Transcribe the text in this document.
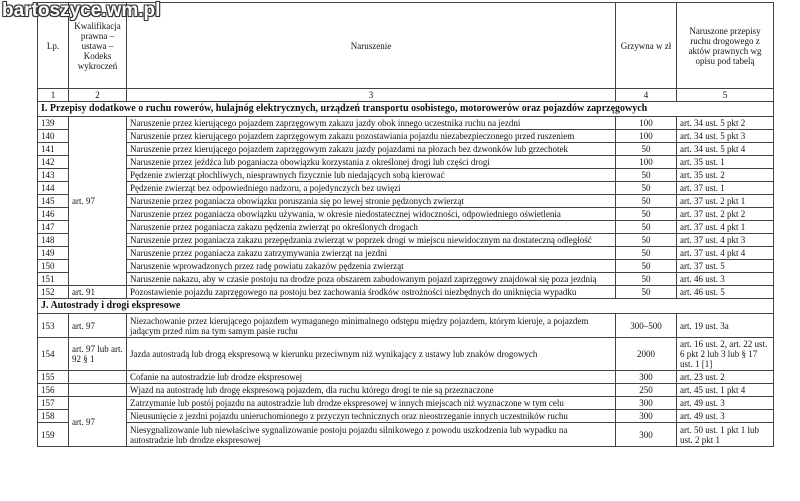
bartoszyce.wm.pl
Lp.	Kwalifikacja prawna – ustawa – Kodeks wykroczeń	Naruszenie	Grzywna w zł	Naruszone przepisy ruchu drogowego z aktów prawnych wg opisu pod tabelą
1	2	3	4	5
I. Przepisy dodatkowe o ruchu rowerów, hulajnóg elektrycznych, urządzeń transportu osobistego, motorowerów oraz pojazdów zaprzęgowych				
139	art. 97	Naruszenie przez kierującego pojazdem zaprzęgowym zakazu jazdy obok innego uczestnika ruchu na jezdni	100	art. 34 ust. 5 pkt 2
140		Naruszenie przez kierującego pojazdem zaprzęgowym zakazu pozostawiania pojazdu niezabezpieczonego przed ruszeniem	100	art. 34 ust. 5 pkt 3
141		Naruszenie przez kierującego pojazdem zaprzęgowym zakazu jazdy pojazdami na płozach bez dzwonków lub grzechotek	50	art. 34 ust. 5 pkt 4
142		Naruszenie przez jeźdźca lub poganiacza obowiązku korzystania z określonej drogi lub części drogi	100	art. 35 ust. 1
143		Pędzenie zwierząt płochliwych, niesprawnych fizycznie lub niedających sobą kierować	50	art. 35 ust. 2
144		Pędzenie zwierząt bez odpowiedniego nadzoru, a pojedynczych bez uwięzi	50	art. 37 ust. 1
145		Naruszenie przez poganiacza obowiązku poruszania się po lewej stronie pędzonych zwierząt	50	art. 37 ust. 2 pkt 1
146		Naruszenie przez poganiacza obowiązku używania, w okresie niedostatecznej widoczności, odpowiedniego oświetlenia	50	art. 37 ust. 2 pkt 2
147		Naruszenie przez poganiacza zakazu pędzenia zwierząt po określonych drogach	50	art. 37 ust. 4 pkt 1
148		Naruszenie przez poganiacza zakazu przepędzania zwierząt w poprzek drogi w miejscu niewidocznym na dostateczną odległość	50	art. 37 ust. 4 pkt 3
149		Naruszenie przez poganiacza zakazu zatrzymywania zwierząt na jezdni	50	art. 37 ust. 4 pkt 4
150		Naruszenie wprowadzonych przez radę powiatu zakazów pędzenia zwierząt	50	art. 37 ust. 5
151		Naruszenie nakazu, aby w czasie postoju na drodze poza obszarem zabudowanym pojazd zaprzęgowy znajdował się poza jezdnią	50	art. 46 ust. 3
152	art. 91	Pozostawienie pojazdu zaprzęgowego na postoju bez zachowania środków ostrożności niezbędnych do uniknięcia wypadku	50	art. 46 ust. 5
J. Autostrady i drogi ekspresowe				
153	art. 97	Niezachowanie przez kierującego pojazdem wymaganego minimalnego odstępu między pojazdem, którym kieruje, a pojazdem jadącym przed nim na tym samym pasie ruchu	300–500	art. 19 ust. 3a
154	art. 97 lub art. 92 § 1	Jazda autostradą lub drogą ekspresową w kierunku przeciwnym niż wynikający z ustawy lub znaków drogowych	2000	art. 16 ust. 2, art. 22 ust. 6 pkt 2 lub 3 lub § 17 ust. 1 [1]
155		Cofanie na autostradzie lub drodze ekspresowej	300	art. 23 ust. 2
156		Wjazd na autostradę lub drogę ekspresową pojazdem, dla ruchu którego drogi te nie są przeznaczone	250	art. 45 ust. 1 pkt 4
157	art. 97	Zatrzymanie lub postój pojazdu na autostradzie lub drodze ekspresowej w innych miejscach niż wyznaczone w tym celu	300	art. 49 ust. 3
158		Nieusunięcie z jezdni pojazdu unieruchomionego z przyczyn technicznych oraz nieostrzeganie innych uczestników ruchu	300	art. 49 ust. 3
159		Niesygnalizowanie lub niewłaściwe sygnalizowanie postoju pojazdu silnikowego z powodu uszkodzenia lub wypadku na autostradzie lub drodze ekspresowej	300	art. 50 ust. 1 pkt 1 lub ust. 2 pkt 1
